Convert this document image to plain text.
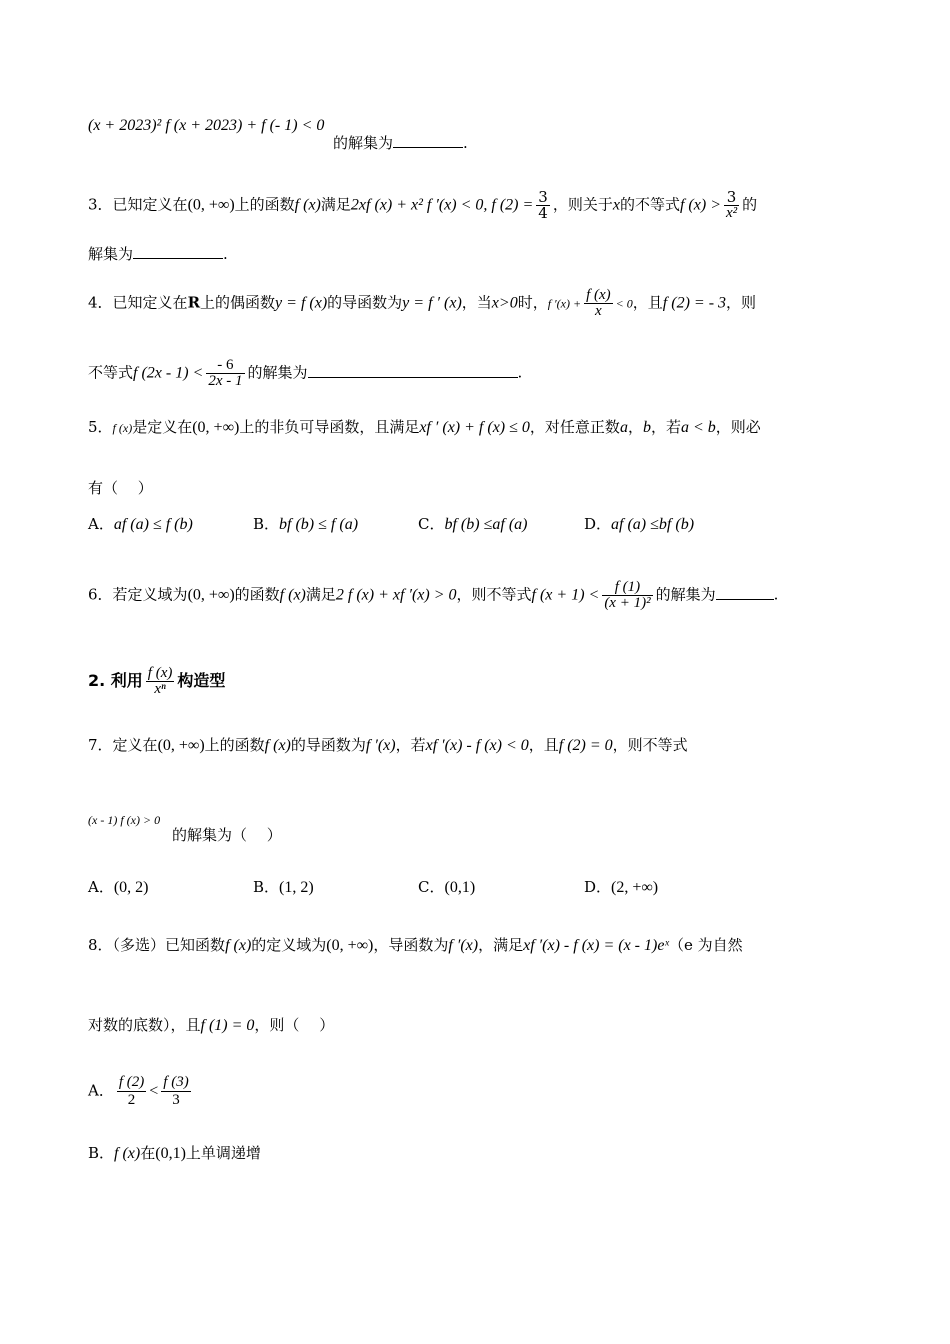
(x + 2023)² f (x + 2023) + f (- 1) < 0
的解集为	.
3．已知定义在(0, +∞)上的函数f (x)满足2xf (x) + x² f ′(x) < 0, f $(2) = \frac{3}{4}$ ，则关于x的不等式f $(x) > \frac{3}{\text{x²}}$ 的
解集为	.
4．已知定义在R上的偶函数y = f (x)的导函数为y = f ′ (x)，当x>0时，f $'(x) + \frac{f (x)}{x} < 0$，且f (2) = - 3，则
不等式f $(2x - 1) < \frac{- 6}{2x - 1}$ 的解集为	.
5．f (x)是定义在(0, +∞)上的非负可导函数，且满足xf ′ (x) + f (x) ≤ 0，对任意正数a，b，若a < b，则必
有（　 ）
A．af (a) ≤ f (b)	B．bf (b) ≤ f (a)	C．bf (b) ≤af (a)	D．af (a) ≤bf (b)
6．若定义域为(0, +∞)的函数f (x)满足2 f (x) + xf ′(x) > 0，则不等式f $(x + 1) < \frac{f (1)}{\text{(x + 1)²}}$ 的解集为	.
2. 利用 $\frac{f (x)}{\text{xⁿ}}$ 构造型
7．定义在(0, +∞)上的函数f (x)的导函数为f ′(x)，若xf ′(x) - f (x) < 0，且f (2) = 0，则不等式
(x - 1) f (x) > 0
的解集为（　 ）
A．(0, 2)	B．(1, 2)	C．(0,1)	D．(2, +∞)
8．（多选）已知函数f (x)的定义域为(0, +∞)，导函数为f ′(x)，满足xf ′(x) - f (x) = (x - 1)eˣ（e 为自然
对数的底数），且f (1) = 0，则（　 ）
A． $\frac{f (2)}{2} < \frac{f (3)}{3}$
B．f (x)在(0,1)上单调递增
